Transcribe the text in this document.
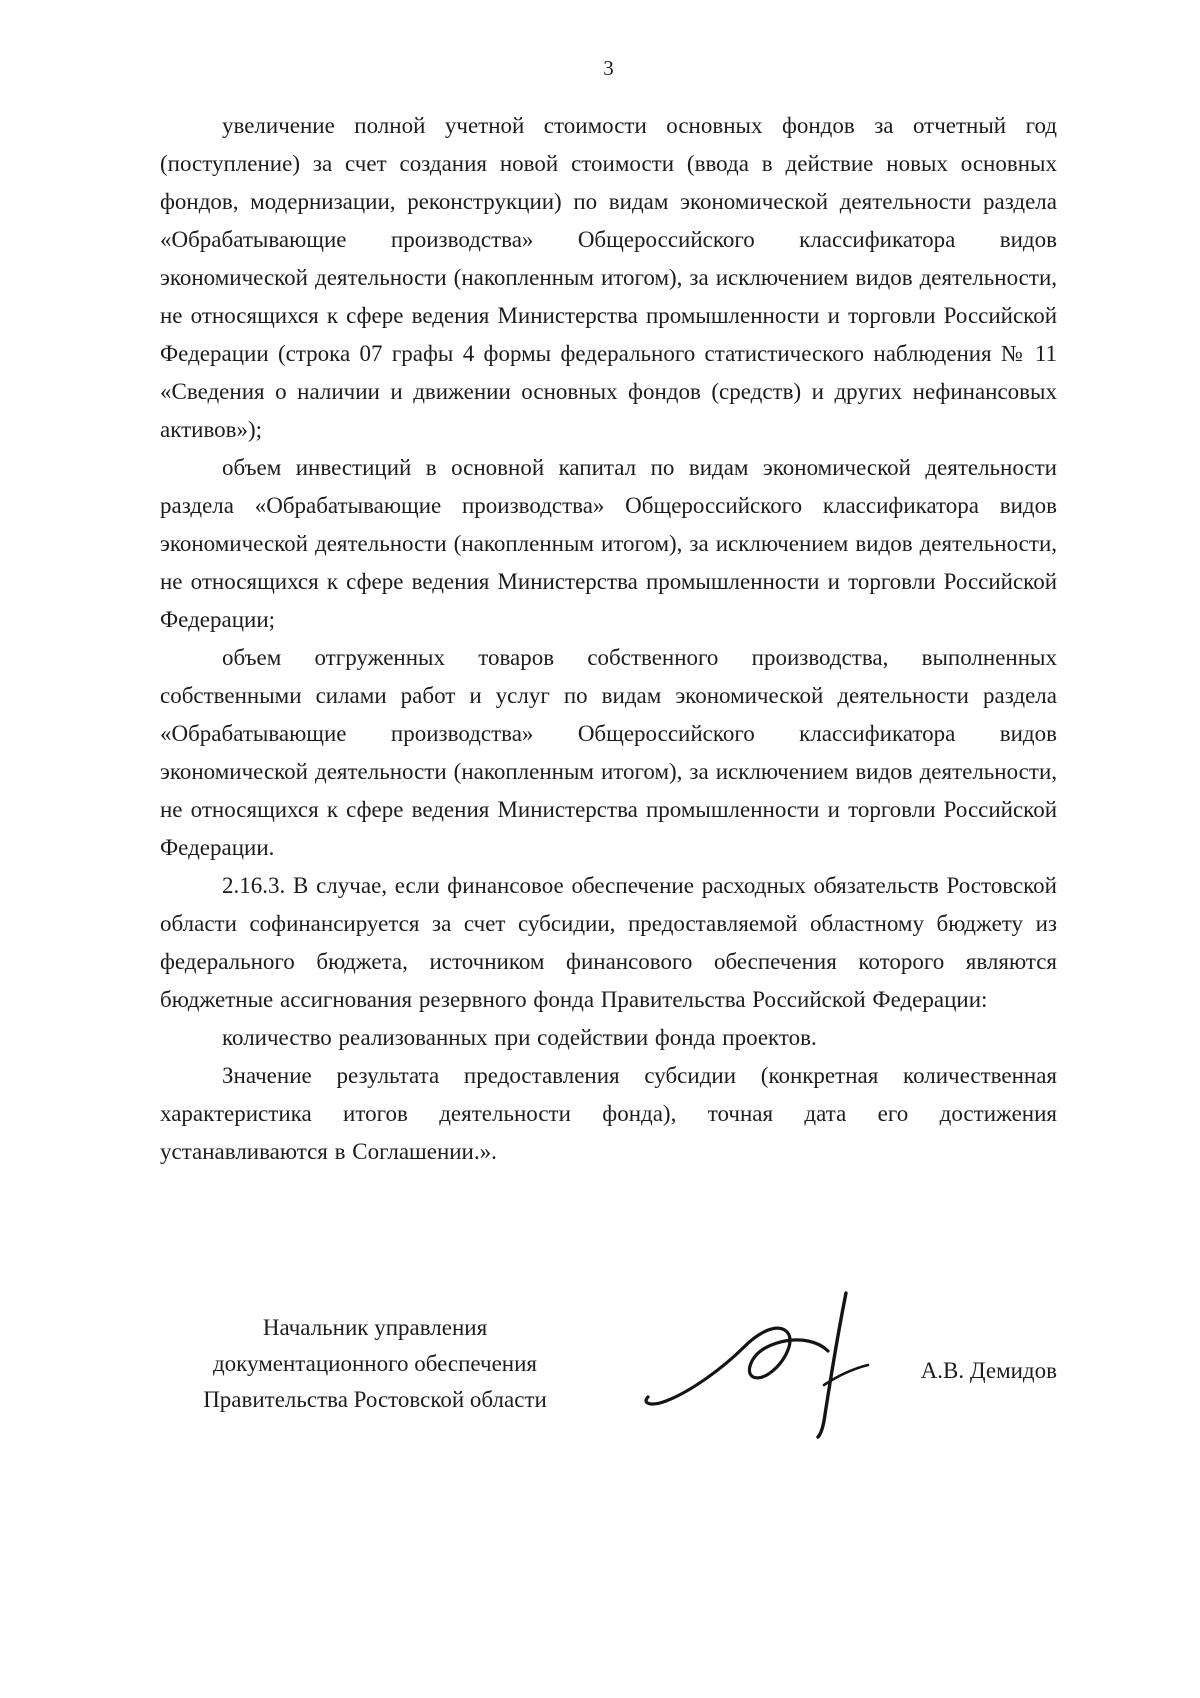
3

увеличение полной учетной стоимости основных фондов за отчетный год (поступление) за счет создания новой стоимости (ввода в действие новых основных фондов, модернизации, реконструкции) по видам экономической деятельности раздела «Обрабатывающие производства» Общероссийского классификатора видов экономической деятельности (накопленным итогом), за исключением видов деятельности, не относящихся к сфере ведения Министерства промышленности и торговли Российской Федерации (строка 07 графы 4 формы федерального статистического наблюдения № 11 «Сведения о наличии и движении основных фондов (средств) и других нефинансовых активов»);

объем инвестиций в основной капитал по видам экономической деятельности раздела «Обрабатывающие производства» Общероссийского классификатора видов экономической деятельности (накопленным итогом), за исключением видов деятельности, не относящихся к сфере ведения Министерства промышленности и торговли Российской Федерации;

объем отгруженных товаров собственного производства, выполненных собственными силами работ и услуг по видам экономической деятельности раздела «Обрабатывающие производства» Общероссийского классификатора видов экономической деятельности (накопленным итогом), за исключением видов деятельности, не относящихся к сфере ведения Министерства промышленности и торговли Российской Федерации.

2.16.3. В случае, если финансовое обеспечение расходных обязательств Ростовской области софинансируется за счет субсидии, предоставляемой областному бюджету из федерального бюджета, источником финансового обеспечения которого являются бюджетные ассигнования резервного фонда Правительства Российской Федерации:

количество реализованных при содействии фонда проектов.

Значение результата предоставления субсидии (конкретная количественная характеристика итогов деятельности фонда), точная дата его достижения устанавливаются в Соглашении.».

Начальник управления
документационного обеспечения
Правительства Ростовской области
А.В. Демидов
